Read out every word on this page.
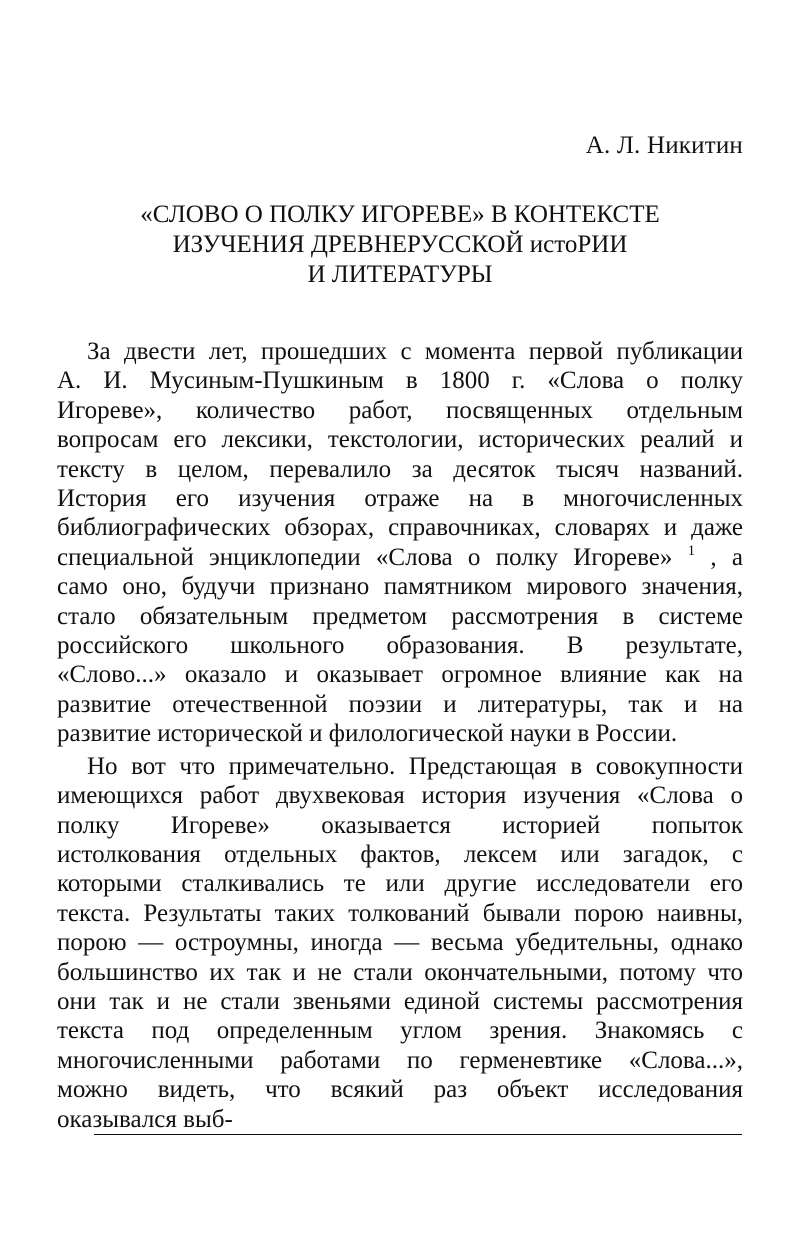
А. Л. Никитин
«СЛОВО О ПОЛКУ ИГОРЕВЕ» В КОНТЕКСТЕ
ИЗУЧЕНИЯ ДРЕВНЕРУССКОЙ истоРИИ
И ЛИТЕРАТУРЫ
За двести лет, прошедших с момента первой публикации
А. И. Мусиным-Пушкиным в 1800 г. «Слова о полку
Игореве», количество работ, посвященных отдельным
вопросам его лексики, текстологии, исторических реалий и
тексту в целом, перевалило за десяток тысяч названий.
История его изучения отраже на в многочисленных
библиографических обзорах, справочниках, словарях и даже
специальной энциклопедии «Слова о полку Игореве» $^1$ , а
само оно, будучи признано памятником мирового значения,
стало обязательным предметом рассмотрения в системе
российского школьного образования. В результате,
«Слово...» оказало и оказывает огромное влияние как на
развитие отечественной поэзии и литературы, так и на
развитие исторической и филологической науки в России.
Но вот что примечательно. Предстающая в совокупности
имеющихся работ двухвековая история изучения «Слова о
полку Игореве» оказывается историей попыток
истолкования отдельных фактов, лексем или загадок, с
которыми сталкивались те или другие исследователи его
текста. Результаты таких толкований бывали порою наивны,
порою — остроумны, иногда — весьма убедительны, однако
большинство их так и не стали окончательными, потому что
они так и не стали звеньями единой системы рассмотрения
текста под определенным углом зрения. Знакомясь с
многочисленными работами по герменевтике «Слова...»,
можно видеть, что всякий раз объект исследования
оказывался выб-
